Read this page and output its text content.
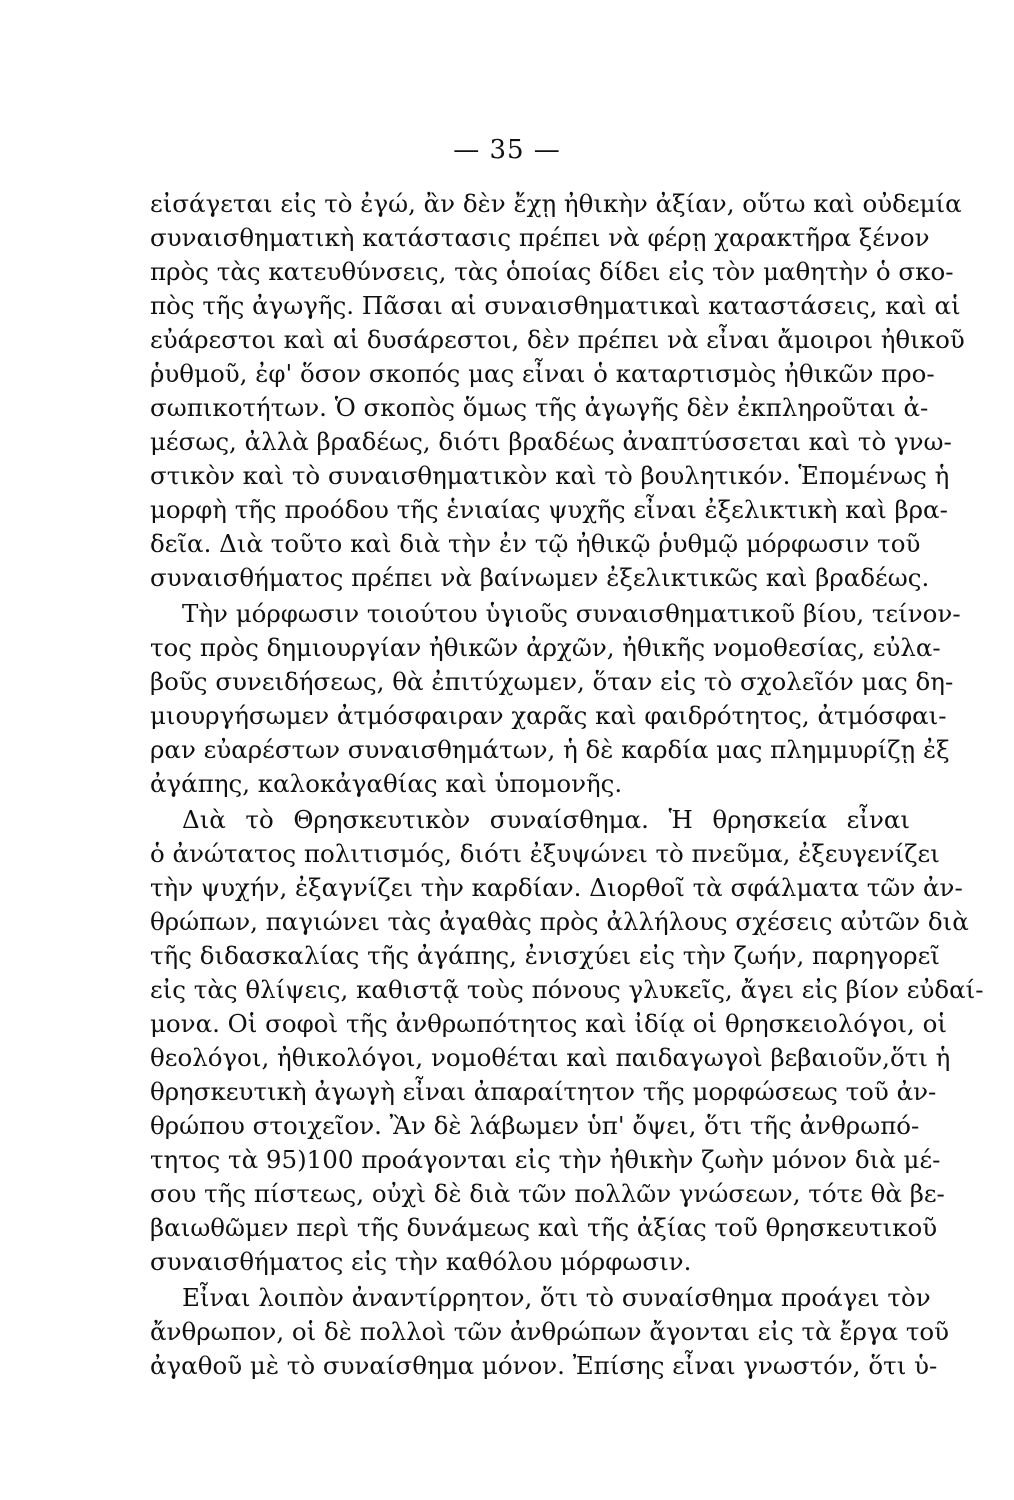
— 35 —
εἰσάγεται εἰς τὸ ἐγώ, ἂν δὲν ἔχῃ ἠθικὴν ἀξίαν, οὕτω καὶ οὐδεμία
συναισθηματικὴ κατάστασις πρέπει νὰ φέρῃ χαρακτῆρα ξένον
πρὸς τὰς κατευθύνσεις, τὰς ὁποίας δίδει εἰς τὸν μαθητὴν ὁ σκο-
πὸς τῆς ἀγωγῆς. Πᾶσαι αἱ συναισθηματικαὶ καταστάσεις, καὶ αἱ
εὐάρεστοι καὶ αἱ δυσάρεστοι, δὲν πρέπει νὰ εἶναι ἄμοιροι ἠθικοῦ
ῥυθμοῦ, ἐφ' ὅσον σκοπός μας εἶναι ὁ καταρτισμὸς ἠθικῶν προ-
σωπικοτήτων. Ὁ σκοπὸς ὅμως τῆς ἀγωγῆς δὲν ἐκπληροῦται ἀ-
μέσως, ἀλλὰ βραδέως, διότι βραδέως ἀναπτύσσεται καὶ τὸ γνω-
στικὸν καὶ τὸ συναισθηματικὸν καὶ τὸ βουλητικόν. Ἑπομένως ἡ
μορφὴ τῆς προόδου τῆς ἑνιαίας ψυχῆς εἶναι ἐξελικτικὴ καὶ βρα-
δεῖα. Διὰ τοῦτο καὶ διὰ τὴν ἐν τῷ ἠθικῷ ῥυθμῷ μόρφωσιν τοῦ
συναισθήματος πρέπει νὰ βαίνωμεν ἐξελικτικῶς καὶ βραδέως.
Τὴν μόρφωσιν τοιούτου ὑγιοῦς συναισθηματικοῦ βίου, τείνον-
τος πρὸς δημιουργίαν ἠθικῶν ἀρχῶν, ἠθικῆς νομοθεσίας, εὐλα-
βοῦς συνειδήσεως, θὰ ἐπιτύχωμεν, ὅταν εἰς τὸ σχολεῖόν μας δη-
μιουργήσωμεν ἀτμόσφαιραν χαρᾶς καὶ φαιδρότητος, ἀτμόσφαι-
ραν εὐαρέστων συναισθημάτων, ἡ δὲ καρδία μας πλημμυρίζῃ ἐξ
ἀγάπης, καλοκἀγαθίας καὶ ὑπομονῆς.
Διὰ τὸ Θρησκευτικὸν συναίσθημα. Ἡ θρησκεία εἶναι
ὁ ἀνώτατος πολιτισμός, διότι ἐξυψώνει τὸ πνεῦμα, ἐξευγενίζει
τὴν ψυχήν, ἐξαγνίζει τὴν καρδίαν. Διορθοῖ τὰ σφάλματα τῶν ἀν-
θρώπων, παγιώνει τὰς ἀγαθὰς πρὸς ἀλλήλους σχέσεις αὐτῶν διὰ
τῆς διδασκαλίας τῆς ἀγάπης, ἐνισχύει εἰς τὴν ζωήν, παρηγορεῖ
εἰς τὰς θλίψεις, καθιστᾷ τοὺς πόνους γλυκεῖς, ἄγει εἰς βίον εὐδαί-
μονα. Οἱ σοφοὶ τῆς ἀνθρωπότητος καὶ ἰδίᾳ οἱ θρησκειολόγοι, οἱ
θεολόγοι, ἠθικολόγοι, νομοθέται καὶ παιδαγωγοὶ βεβαιοῦν,ὅτι ἡ
θρησκευτικὴ ἀγωγὴ εἶναι ἀπαραίτητον τῆς μορφώσεως τοῦ ἀν-
θρώπου στοιχεῖον. Ἂν δὲ λάβωμεν ὑπ' ὄψει, ὅτι τῆς ἀνθρωπό-
τητος τὰ 95)100 προάγονται εἰς τὴν ἠθικὴν ζωὴν μόνον διὰ μέ-
σου τῆς πίστεως, οὐχὶ δὲ διὰ τῶν πολλῶν γνώσεων, τότε θὰ βε-
βαιωθῶμεν περὶ τῆς δυνάμεως καὶ τῆς ἀξίας τοῦ θρησκευτικοῦ
συναισθήματος εἰς τὴν καθόλου μόρφωσιν.
Εἶναι λοιπὸν ἀναντίρρητον, ὅτι τὸ συναίσθημα προάγει τὸν
ἄνθρωπον, οἱ δὲ πολλοὶ τῶν ἀνθρώπων ἄγονται εἰς τὰ ἔργα τοῦ
ἀγαθοῦ μὲ τὸ συναίσθημα μόνον. Ἐπίσης εἶναι γνωστόν, ὅτι ὑ-
